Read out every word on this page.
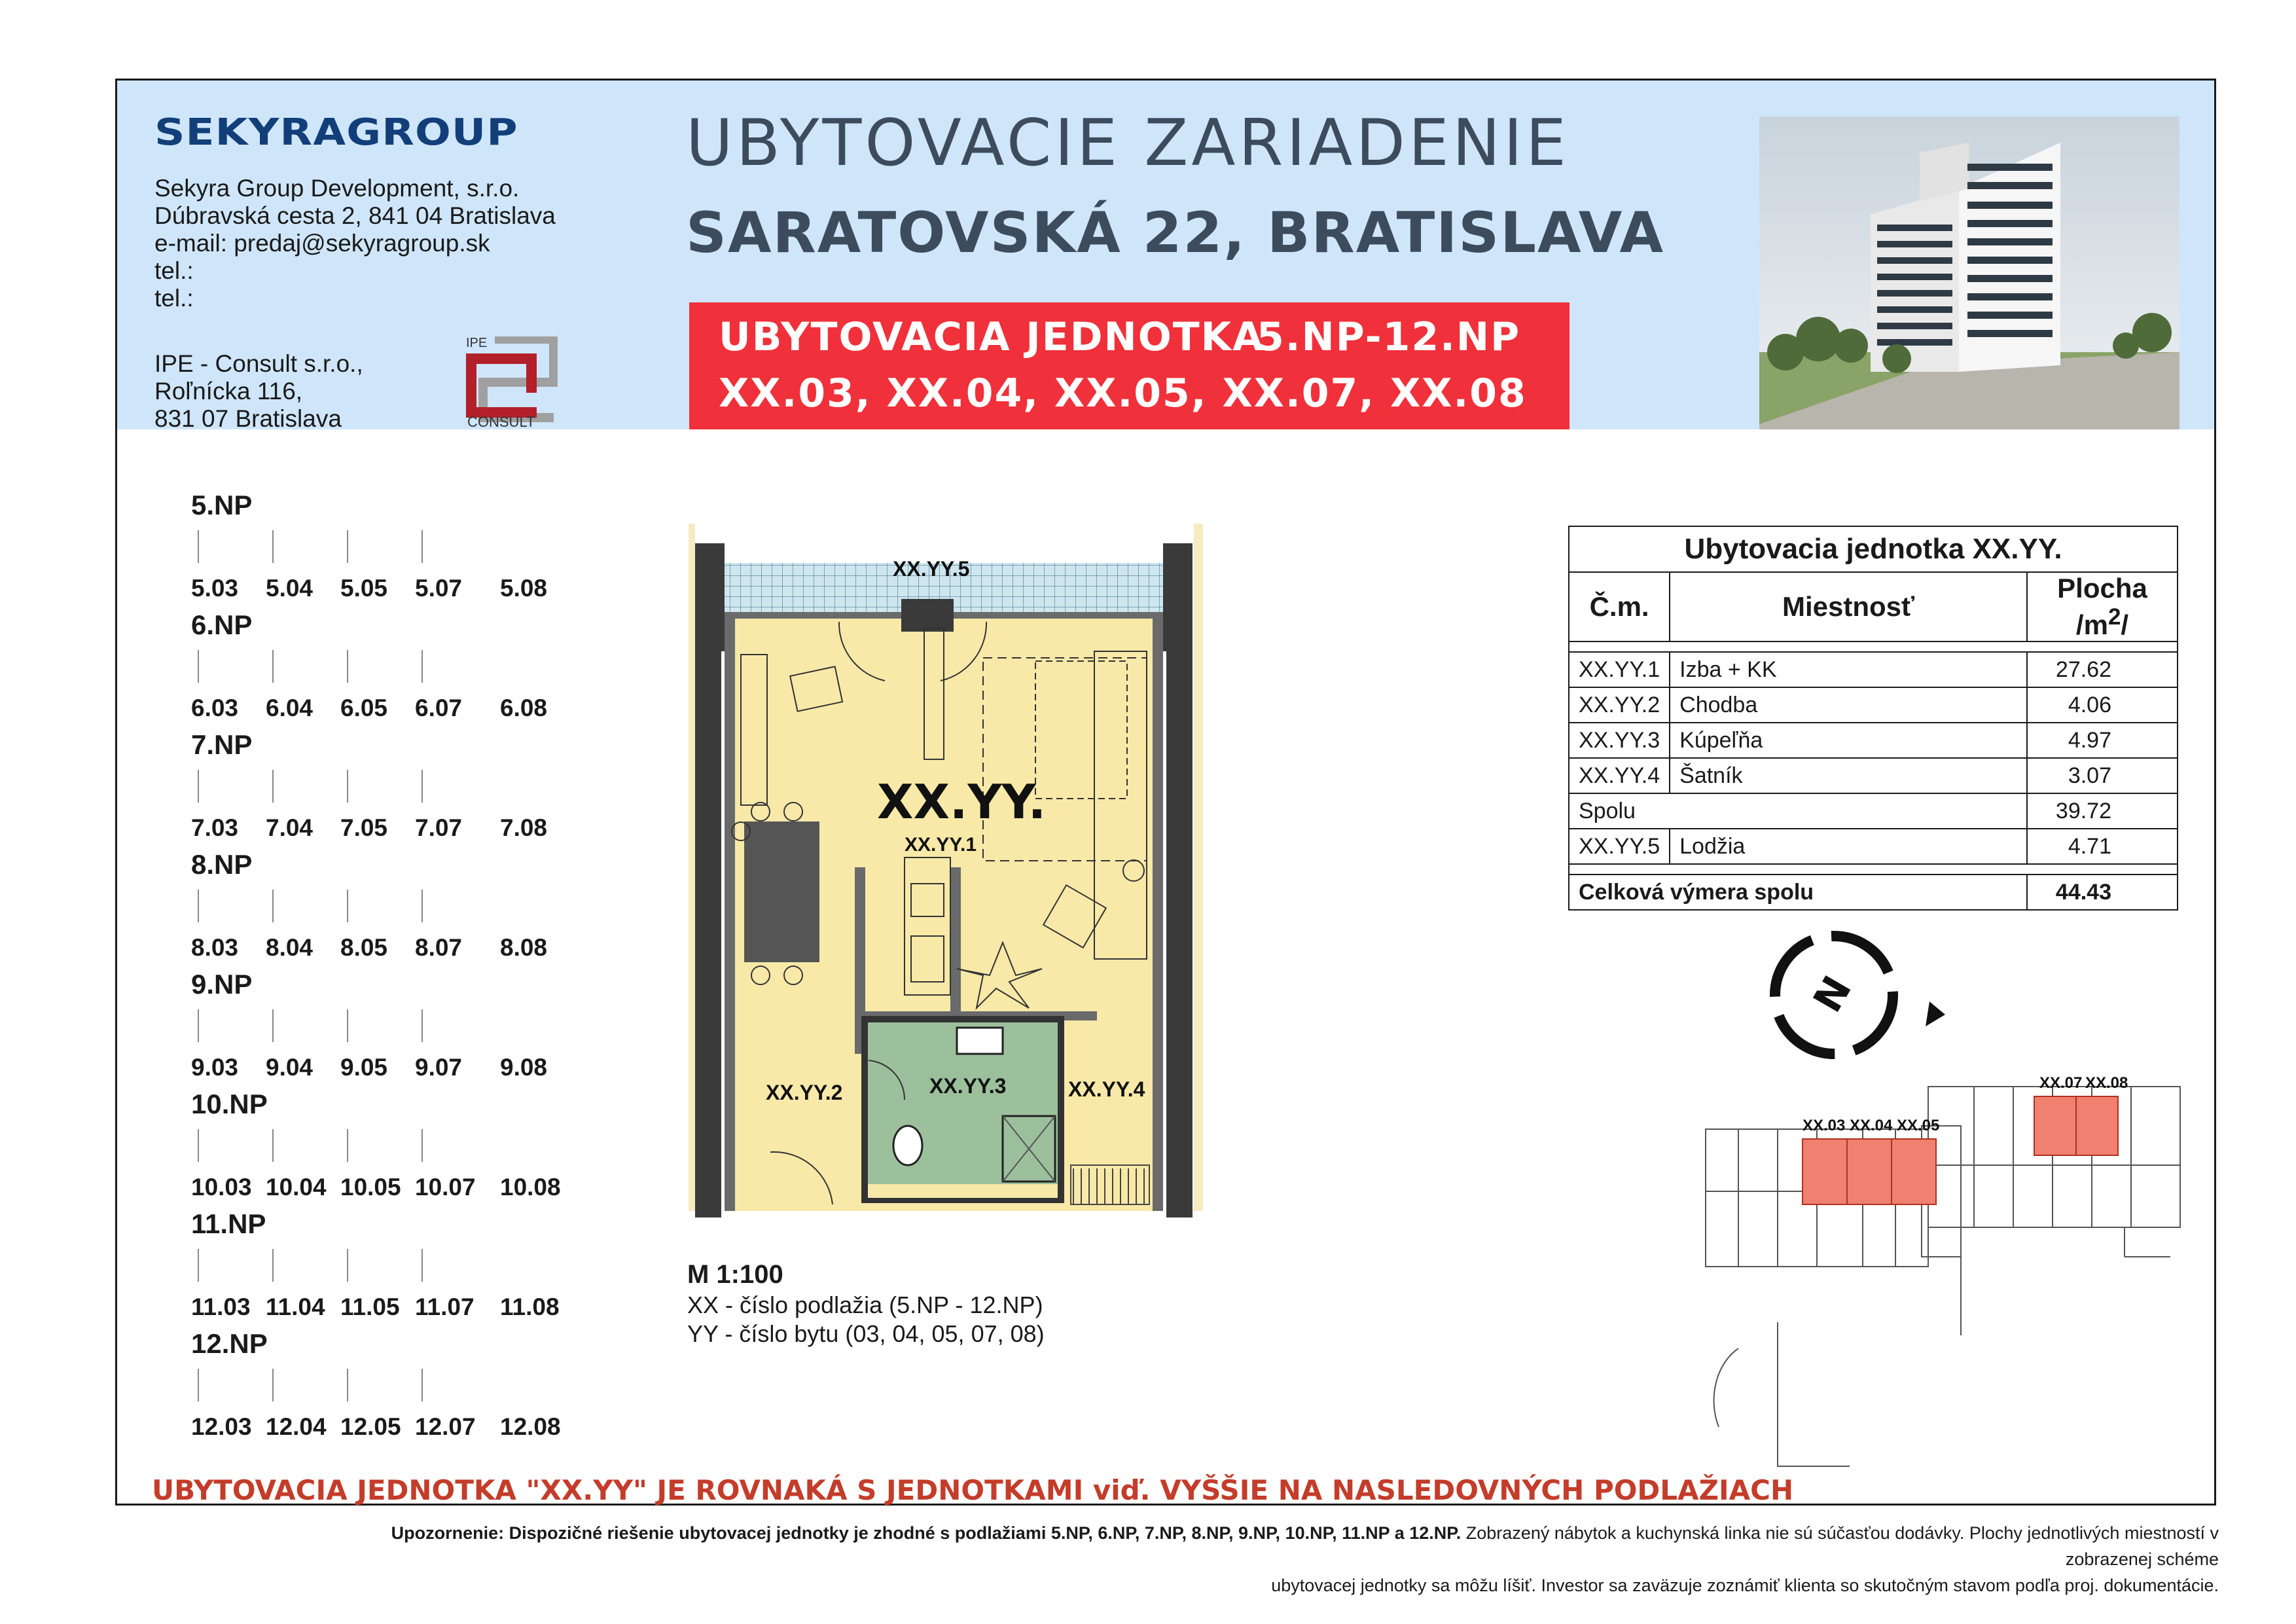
SEKYRAGROUP
Sekyra Group Development, s.r.o.
Dúbravská cesta 2, 841 04 Bratislava
e-mail: predaj@sekyragroup.sk
tel.:
tel.:
IPE - Consult s.r.o.,
Roľnícka 116,
831 07 Bratislava
IPE
CONSULT
UBYTOVACIE ZARIADENIE
SARATOVSKÁ 22, BRATISLAVA
UBYTOVACIA JEDNOTKA
5.NP-12.NP
XX.03, XX.04, XX.05, XX.07, XX.08
5.NP
5.03	5.04	5.05	5.07	5.08
6.NP
6.03	6.04	6.05	6.07	6.08
7.NP
7.03	7.04	7.05	7.07	7.08
8.NP
8.03	8.04	8.05	8.07	8.08
9.NP
9.03	9.04	9.05	9.07	9.08
10.NP
10.03 10.04 10.05 10.07	10.08
11.NP
11.03 11.04 11.05 11.07	11.08
12.NP
12.03 12.04 12.05 12.07	12.08
XX.YY.5
XX.YY.
XX.YY.1
XX.YY.2	XX.YY.3	XX.YY.4
M 1:100
XX - číslo podlažia (5.NP - 12.NP)
YY - číslo bytu (03, 04, 05, 07, 08)
Ubytovacia jednotka XX.YY.		
Č.m.	Miestnosť	Plocha $/m^2/$

XX.YY.1	Izba + KK	27.62
XX.YY.2	Chodba	4.06
XX.YY.3	Kúpeľňa	4.97
XX.YY.4	Šatník	3.07
Spolu		39.72
XX.YY.5	Lodžia	4.71

Celková výmera spolu		44.43
N
XX.03 XX.04 XX.05
XX.07 XX.08
UBYTOVACIA JEDNOTKA "XX.YY" JE ROVNAKÁ S JEDNOTKAMI viď. VYŠŠIE NA NASLEDOVNÝCH PODLAŽIACH
Upozornenie: Dispozičné riešenie ubytovacej jednotky je zhodné s podlažiami 5.NP, 6.NP, 7.NP, 8.NP, 9.NP, 10.NP, 11.NP a 12.NP. Zobrazený nábytok a kuchynská linka nie sú súčasťou dodávky. Plochy jednotlivých miestností v zobrazenej schéme
ubytovacej jednotky sa môžu líšiť. Investor sa zaväzuje zoznámiť klienta so skutočným stavom podľa proj. dokumentácie.
